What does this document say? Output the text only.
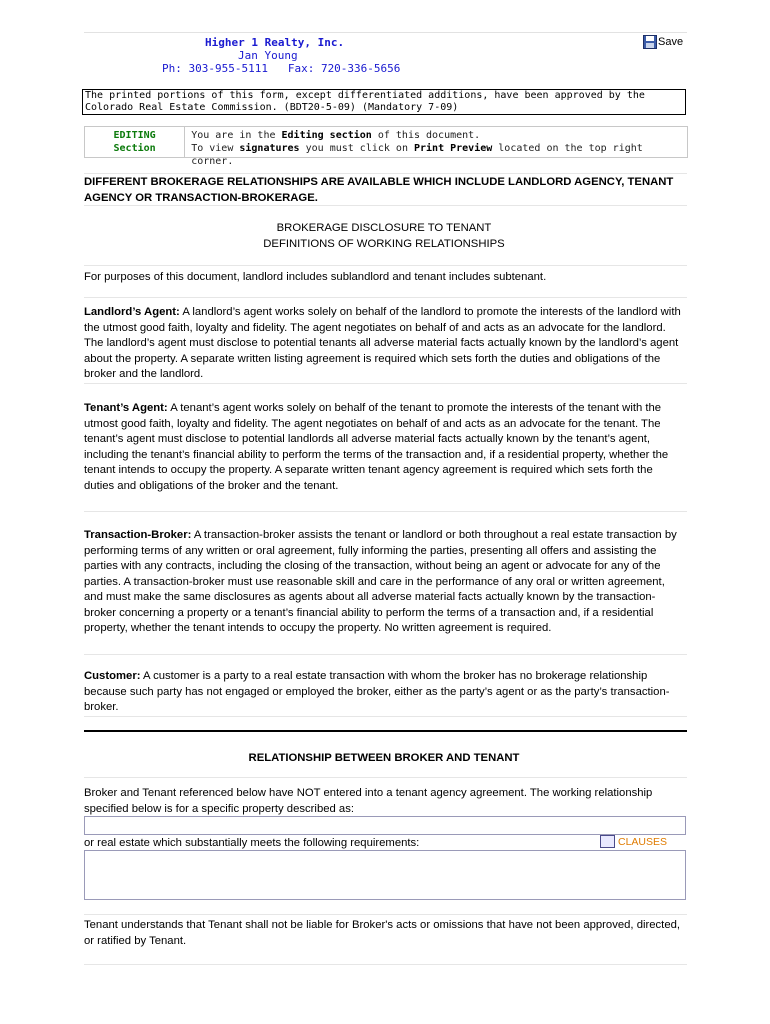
Higher 1 Realty, Inc.
Jan Young
Ph: 303-955-5111   Fax: 720-336-5656
Save
The printed portions of this form, except differentiated additions, have been approved by the Colorado Real Estate Commission. (BDT20-5-09) (Mandatory 7-09)
EDITING
Section
You are in the Editing section of this document.
To view signatures you must click on Print Preview located on the top right corner.
DIFFERENT BROKERAGE RELATIONSHIPS ARE AVAILABLE WHICH INCLUDE LANDLORD AGENCY, TENANT AGENCY OR TRANSACTION-BROKERAGE.
BROKERAGE DISCLOSURE TO TENANT
DEFINITIONS OF WORKING RELATIONSHIPS
For purposes of this document, landlord includes sublandlord and tenant includes subtenant.
Landlord’s Agent: A landlord’s agent works solely on behalf of the landlord to promote the interests of the landlord with the utmost good faith, loyalty and fidelity. The agent negotiates on behalf of and acts as an advocate for the landlord. The landlord’s agent must disclose to potential tenants all adverse material facts actually known by the landlord’s agent about the property. A separate written listing agreement is required which sets forth the duties and obligations of the broker and the landlord.
Tenant’s Agent: A tenant’s agent works solely on behalf of the tenant to promote the interests of the tenant with the utmost good faith, loyalty and fidelity. The agent negotiates on behalf of and acts as an advocate for the tenant. The tenant’s agent must disclose to potential landlords all adverse material facts actually known by the tenant’s agent, including the tenant’s financial ability to perform the terms of the transaction and, if a residential property, whether the tenant intends to occupy the property. A separate written tenant agency agreement is required which sets forth the duties and obligations of the broker and the tenant.
Transaction-Broker: A transaction-broker assists the tenant or landlord or both throughout a real estate transaction by performing terms of any written or oral agreement, fully informing the parties, presenting all offers and assisting the parties with any contracts, including the closing of the transaction, without being an agent or advocate for any of the parties. A transaction-broker must use reasonable skill and care in the performance of any oral or written agreement, and must make the same disclosures as agents about all adverse material facts actually known by the transaction-broker concerning a property or a tenant’s financial ability to perform the terms of a transaction and, if a residential property, whether the tenant intends to occupy the property. No written agreement is required.
Customer: A customer is a party to a real estate transaction with whom the broker has no brokerage relationship because such party has not engaged or employed the broker, either as the party’s agent or as the party’s transaction-broker.
RELATIONSHIP BETWEEN BROKER AND TENANT
Broker and Tenant referenced below have NOT entered into a tenant agency agreement. The working relationship specified below is for a specific property described as:
or real estate which substantially meets the following requirements:	CLAUSES
Tenant understands that Tenant shall not be liable for Broker's acts or omissions that have not been approved, directed, or ratified by Tenant.
